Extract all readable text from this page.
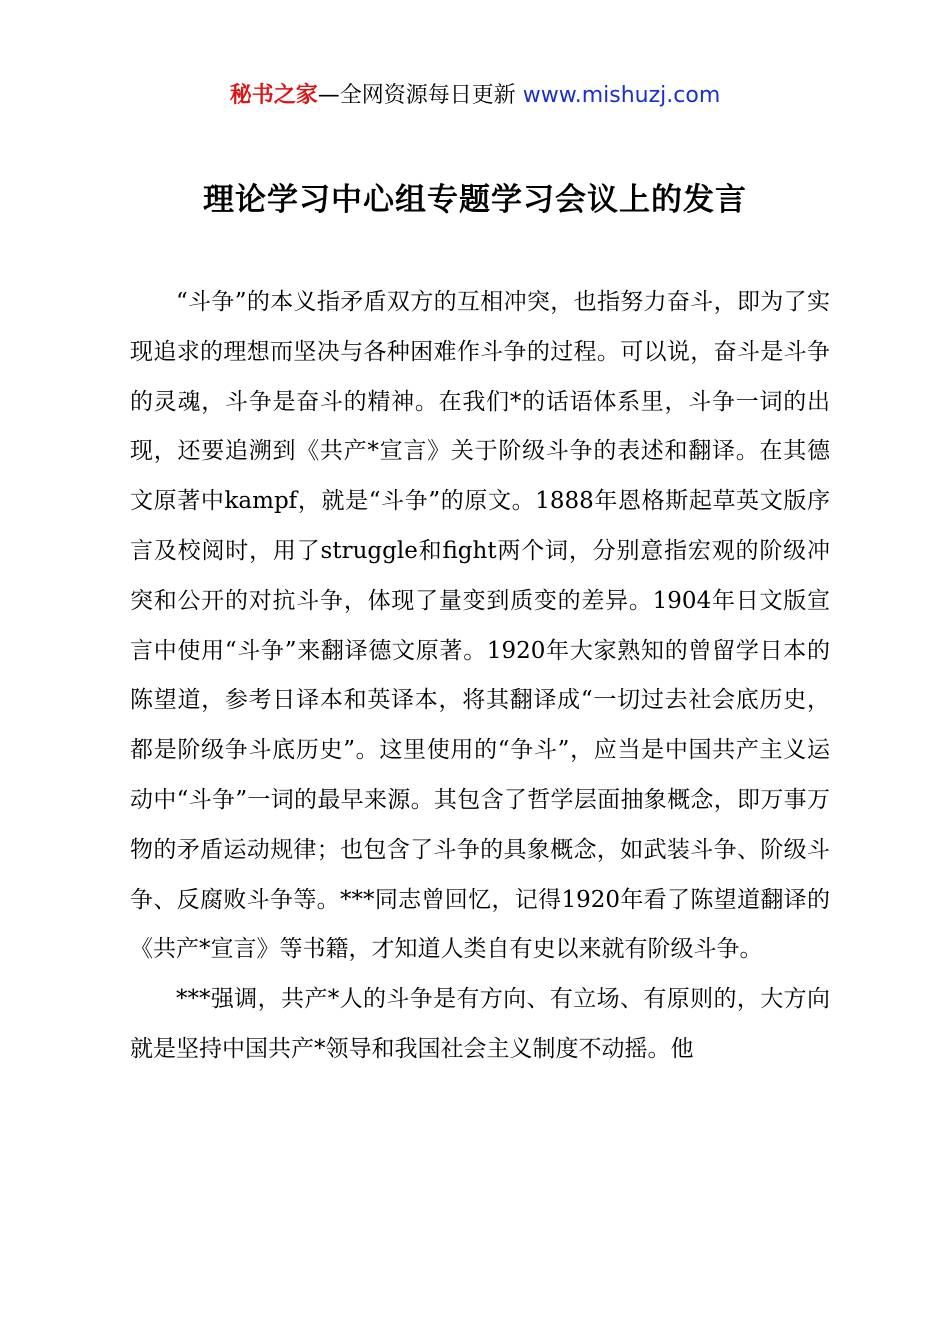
秘书之家—全网资源每日更新 www.mishuzj.com
理论学习中心组专题学习会议上的发言

“斗争”的本义指矛盾双方的互相冲突，也指努力奋斗，即为了实现追求的理想而坚决与各种困难作斗争的过程。可以说，奋斗是斗争的灵魂，斗争是奋斗的精神。在我们*的话语体系里，斗争一词的出现，还要追溯到《共产*宣言》关于阶级斗争的表述和翻译。在其德文原著中kampf，就是“斗争”的原文。1888年恩格斯起草英文版序言及校阅时，用了struggle和fight两个词，分别意指宏观的阶级冲突和公开的对抗斗争，体现了量变到质变的差异。1904年日文版宣言中使用“斗争”来翻译德文原著。1920年大家熟知的曾留学日本的陈望道，参考日译本和英译本，将其翻译成“一切过去社会底历史，都是阶级争斗底历史”。这里使用的“争斗”，应当是中国共产主义运动中“斗争”一词的最早来源。其包含了哲学层面抽象概念，即万事万物的矛盾运动规律；也包含了斗争的具象概念，如武装斗争、阶级斗争、反腐败斗争等。***同志曾回忆，记得1920年看了陈望道翻译的《共产*宣言》等书籍，才知道人类自有史以来就有阶级斗争。

***强调，共产*人的斗争是有方向、有立场、有原则的，大方向就是坚持中国共产*领导和我国社会主义制度不动摇。他
